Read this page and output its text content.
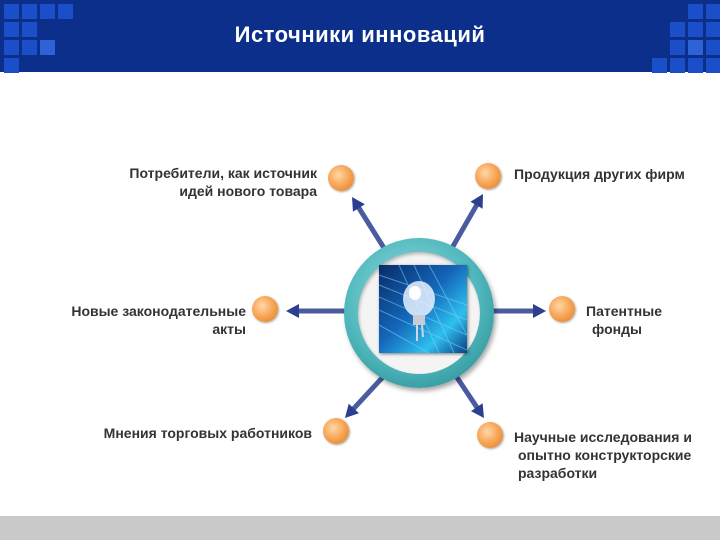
Источники инноваций
Потребители, как источник
идей нового товара
Продукция других фирм
Новые законодательные
акты
Патентные
фонды
Мнения торговых работников	Научные исследования и
опытно конструкторские
разработки
